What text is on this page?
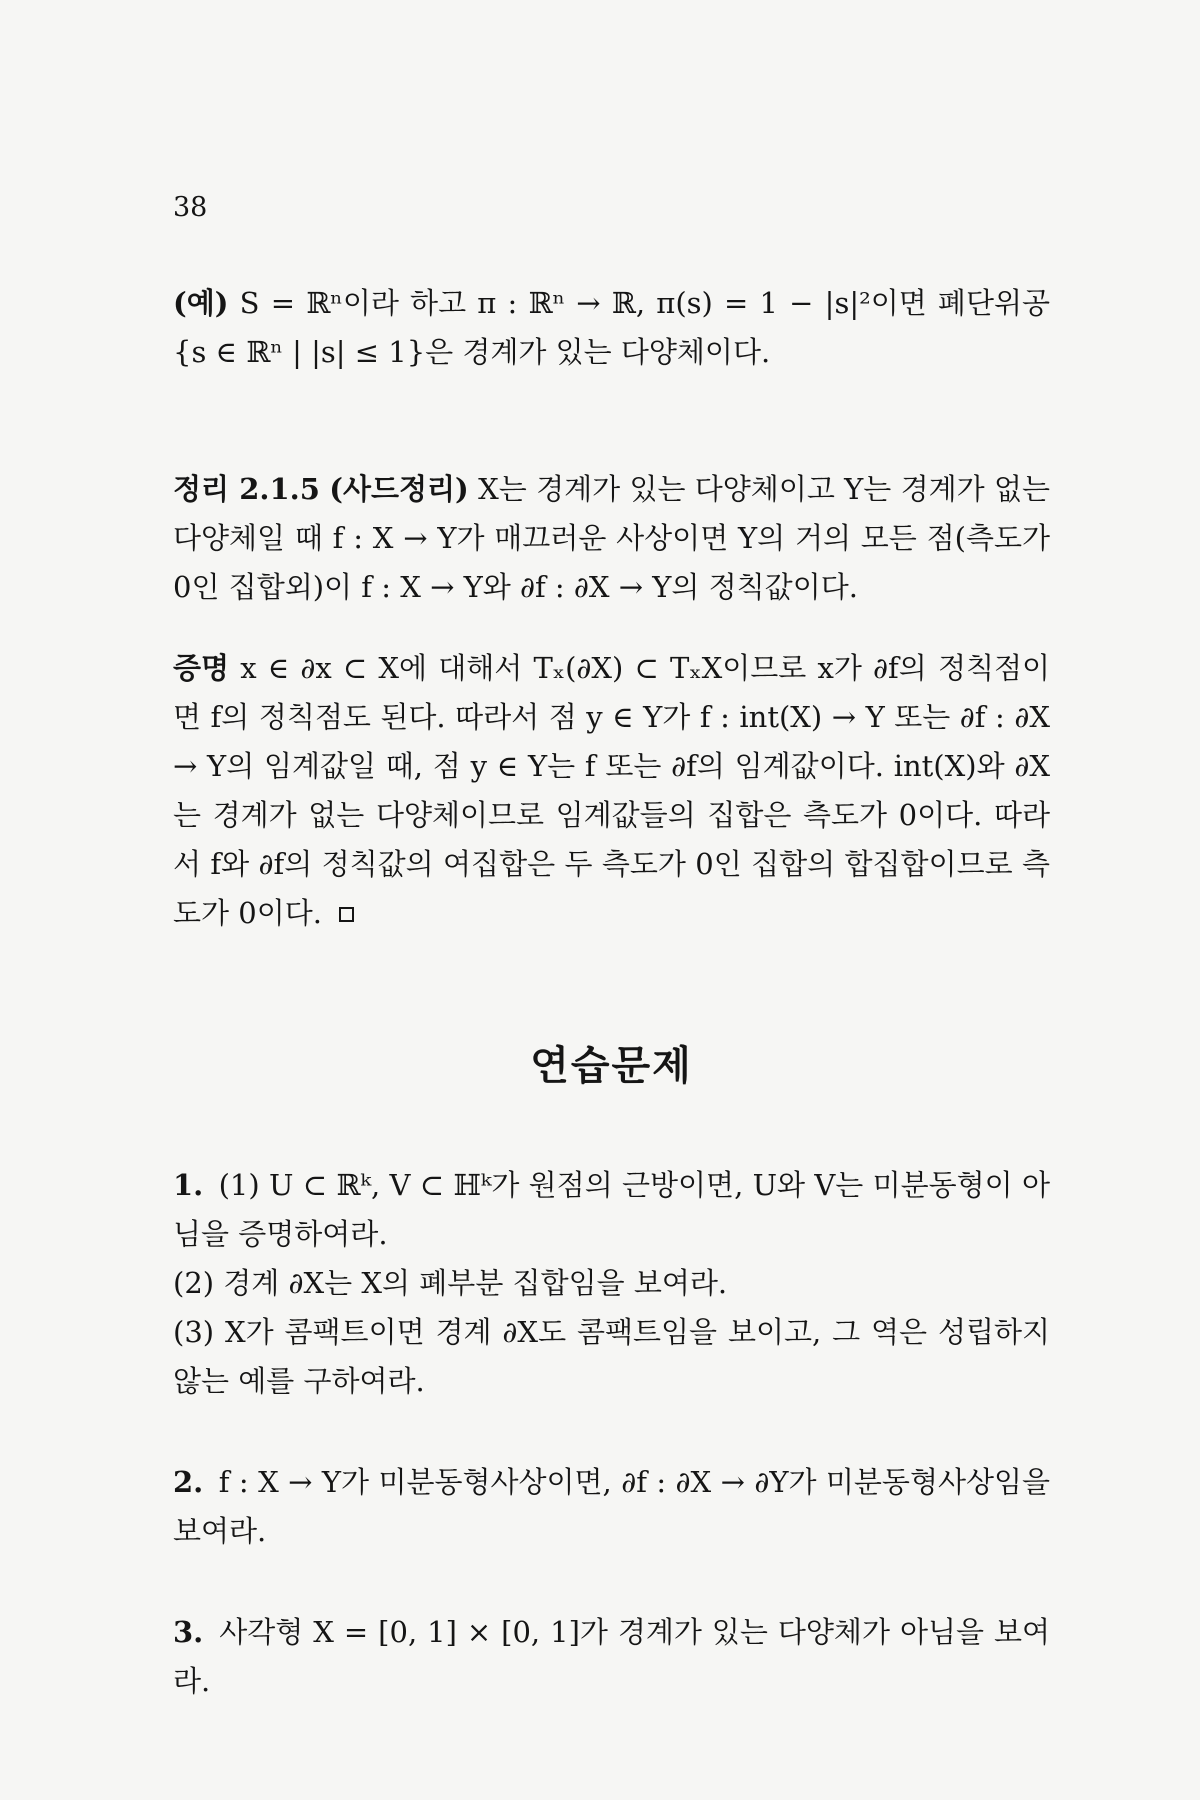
38

(예) S = ℝⁿ이라 하고 π : ℝⁿ → ℝ, π(s) = 1 − |s|²이면 폐단위공 {s ∈ ℝⁿ | |s| ≤ 1}은 경계가 있는 다양체이다.

정리 2.1.5 (사드정리) X는 경계가 있는 다양체이고 Y는 경계가 없는 다양체일 때 f : X → Y가 매끄러운 사상이면 Y의 거의 모든 점(측도가 0인 집합외)이 f : X → Y와 ∂f : ∂X → Y의 정칙값이다.

증명 x ∈ ∂x ⊂ X에 대해서 Tₓ(∂X) ⊂ TₓX이므로 x가 ∂f의 정칙점이면 f의 정칙점도 된다. 따라서 점 y ∈ Y가 f : int(X) → Y 또는 ∂f : ∂X → Y의 임계값일 때, 점 y ∈ Y는 f 또는 ∂f의 임계값이다. int(X)와 ∂X는 경계가 없는 다양체이므로 임계값들의 집합은 측도가 0이다. 따라서 f와 ∂f의 정칙값의 여집합은 두 측도가 0인 집합의 합집합이므로 측도가 0이다.

연습문제
1. (1) U ⊂ ℝᵏ, V ⊂ ℍᵏ가 원점의 근방이면, U와 V는 미분동형이 아님을 증명하여라.
(2) 경계 ∂X는 X의 폐부분 집합임을 보여라.
(3) X가 콤팩트이면 경계 ∂X도 콤팩트임을 보이고, 그 역은 성립하지 않는 예를 구하여라.

2. f : X → Y가 미분동형사상이면, ∂f : ∂X → ∂Y가 미분동형사상임을 보여라.

3. 사각형 X = [0, 1] × [0, 1]가 경계가 있는 다양체가 아님을 보여라.
